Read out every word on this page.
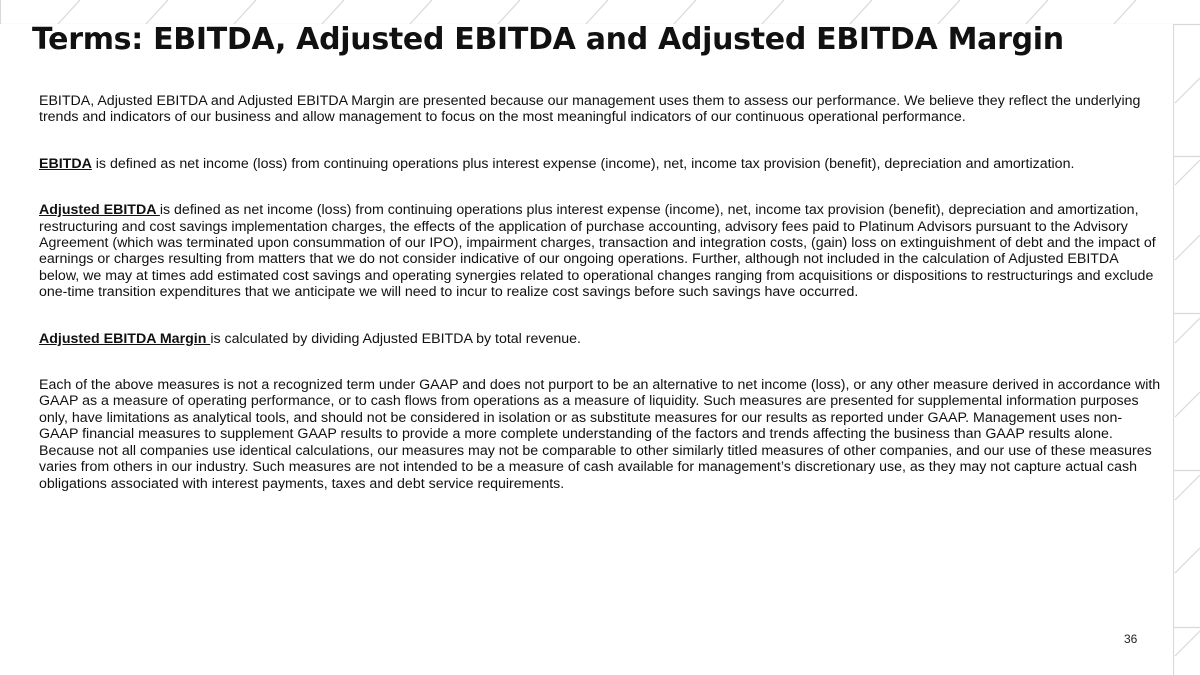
Terms: EBITDA, Adjusted EBITDA and Adjusted EBITDA Margin

EBITDA, Adjusted EBITDA and Adjusted EBITDA Margin are presented because our management uses them to assess our performance. We believe they reflect the underlying trends and indicators of our business and allow management to focus on the most meaningful indicators of our continuous operational performance.

EBITDA is defined as net income (loss) from continuing operations plus interest expense (income), net, income tax provision (benefit), depreciation and amortization.

Adjusted EBITDA is defined as net income (loss) from continuing operations plus interest expense (income), net, income tax provision (benefit), depreciation and amortization, restructuring and cost savings implementation charges, the effects of the application of purchase accounting, advisory fees paid to Platinum Advisors pursuant to the Advisory Agreement (which was terminated upon consummation of our IPO), impairment charges, transaction and integration costs, (gain) loss on extinguishment of debt and the impact of earnings or charges resulting from matters that we do not consider indicative of our ongoing operations. Further, although not included in the calculation of Adjusted EBITDA below, we may at times add estimated cost savings and operating synergies related to operational changes ranging from acquisitions or dispositions to restructurings and exclude one-time transition expenditures that we anticipate we will need to incur to realize cost savings before such savings have occurred.

Adjusted EBITDA Margin is calculated by dividing Adjusted EBITDA by total revenue.

Each of the above measures is not a recognized term under GAAP and does not purport to be an alternative to net income (loss), or any other measure derived in accordance with GAAP as a measure of operating performance, or to cash flows from operations as a measure of liquidity. Such measures are presented for supplemental information purposes only, have limitations as analytical tools, and should not be considered in isolation or as substitute measures for our results as reported under GAAP. Management uses non-GAAP financial measures to supplement GAAP results to provide a more complete understanding of the factors and trends affecting the business than GAAP results alone. Because not all companies use identical calculations, our measures may not be comparable to other similarly titled measures of other companies, and our use of these measures varies from others in our industry. Such measures are not intended to be a measure of cash available for management’s discretionary use, as they may not capture actual cash obligations associated with interest payments, taxes and debt service requirements.

36
